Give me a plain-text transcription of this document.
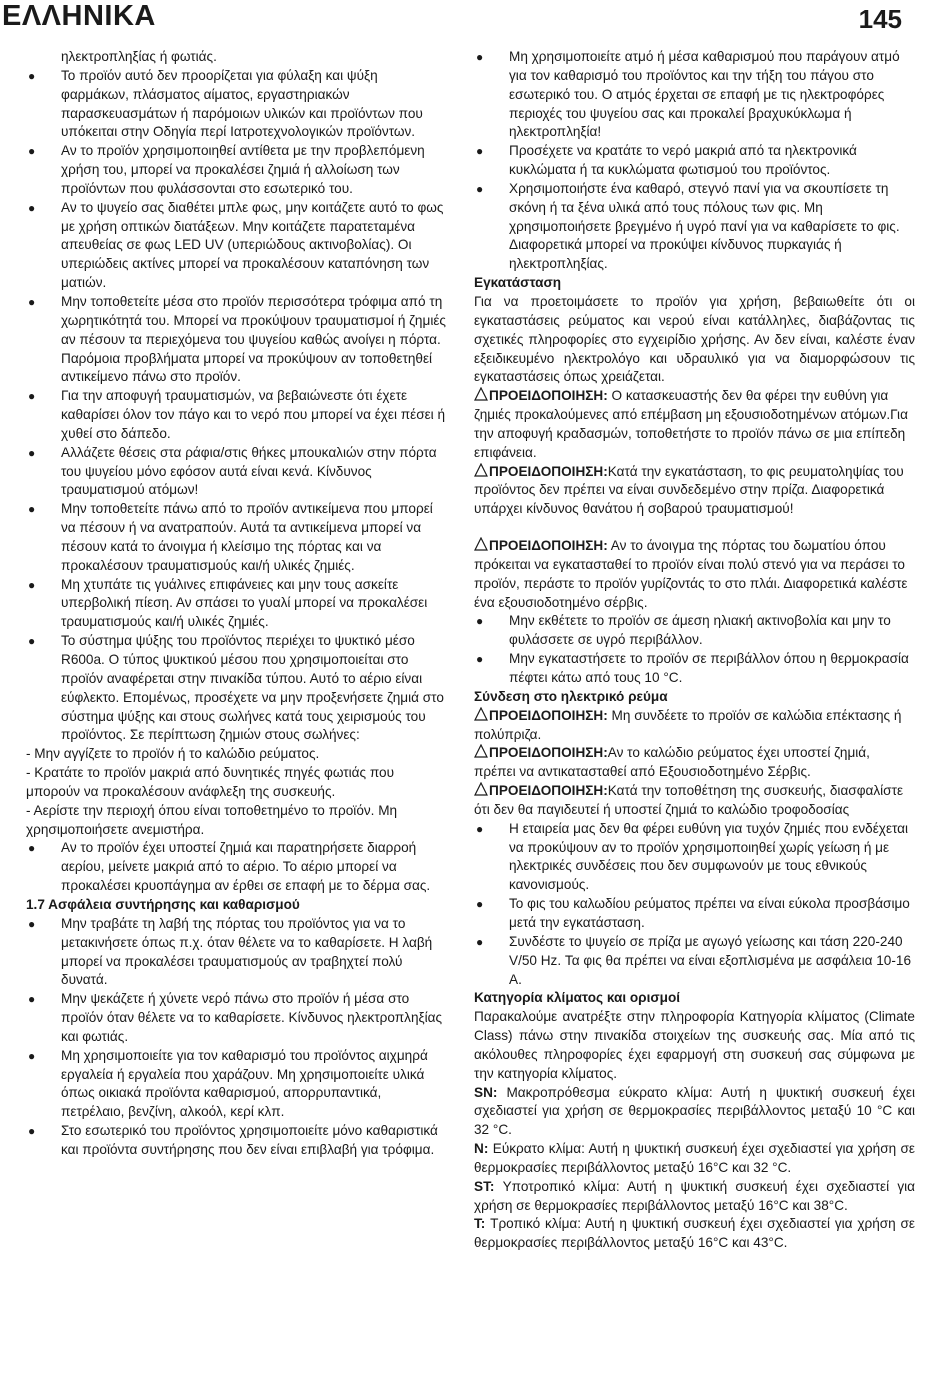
ΕΛΛΗΝΙΚΑ	145
ηλεκτροπληξίας ή φωτιάς.
● Το προϊόν αυτό δεν προορίζεται για φύλαξη και ψύξη φαρμάκων, πλάσματος αίματος, εργαστηριακών παρασκευασμάτων ή παρόμοιων υλικών και προϊόντων που υπόκειται στην Οδηγία περί Ιατροτεχνολογικών προϊόντων.
● Αν το προϊόν χρησιμοποιηθεί αντίθετα με την προβλεπόμενη χρήση του, μπορεί να προκαλέσει ζημιά ή αλλοίωση των προϊόντων που φυλάσσονται στο εσωτερικό του.
● Αν το ψυγείο σας διαθέτει μπλε φως, μην κοιτάζετε αυτό το φως με χρήση οπτικών διατάξεων. Μην κοιτάζετε παρατεταμένα απευθείας σε φως LED UV (υπεριώδους ακτινοβολίας). Οι υπεριώδεις ακτίνες μπορεί να προκαλέσουν καταπόνηση των ματιών.
● Μην τοποθετείτε μέσα στο προϊόν περισσότερα τρόφιμα από τη χωρητικότητά του. Μπορεί να προκύψουν τραυματισμοί ή ζημιές αν πέσουν τα περιεχόμενα του ψυγείου καθώς ανοίγει η πόρτα. Παρόμοια προβλήματα μπορεί να προκύψουν αν τοποθετηθεί αντικείμενο πάνω στο προϊόν.
● Για την αποφυγή τραυματισμών, να βεβαιώνεστε ότι έχετε καθαρίσει όλον τον πάγο και το νερό που μπορεί να έχει πέσει ή χυθεί στο δάπεδο.
● Αλλάζετε θέσεις στα ράφια/στις θήκες μπουκαλιών στην πόρτα του ψυγείου μόνο εφόσον αυτά είναι κενά. Κίνδυνος τραυματισμού ατόμων!
● Μην τοποθετείτε πάνω από το προϊόν αντικείμενα που μπορεί να πέσουν ή να ανατραπούν. Αυτά τα αντικείμενα μπορεί να πέσουν κατά το άνοιγμα ή κλείσιμο της πόρτας και να προκαλέσουν τραυματισμούς και/ή υλικές ζημιές.
● Μη χτυπάτε τις γυάλινες επιφάνειες και μην τους ασκείτε υπερβολική πίεση. Αν σπάσει το γυαλί μπορεί να προκαλέσει τραυματισμούς και/ή υλικές ζημιές.
● Το σύστημα ψύξης του προϊόντος περιέχει το ψυκτικό μέσο R600a. Ο τύπος ψυκτικού μέσου που χρησιμοποιείται στο προϊόν αναφέρεται στην πινακίδα τύπου. Αυτό το αέριο είναι εύφλεκτο. Επομένως, προσέχετε να μην προξενήσετε ζημιά στο σύστημα ψύξης και στους σωλήνες κατά τους χειρισμούς του προϊόντος. Σε περίπτωση ζημιών στους σωλήνες:
- Μην αγγίζετε το προϊόν ή το καλώδιο ρεύματος.
- Κρατάτε το προϊόν μακριά από δυνητικές πηγές φωτιάς που μπορούν να προκαλέσουν ανάφλεξη της συσκευής.
- Αερίστε την περιοχή όπου είναι τοποθετημένο το προϊόν. Μη χρησιμοποιήσετε ανεμιστήρα.
● Αν το προϊόν έχει υποστεί ζημιά και παρατηρήσετε διαρροή αερίου, μείνετε μακριά από το αέριο. Το αέριο μπορεί να προκαλέσει κρυοπάγημα αν έρθει σε επαφή με το δέρμα σας.
1.7 Ασφάλεια συντήρησης και καθαρισμού
● Μην τραβάτε τη λαβή της πόρτας του προϊόντος για να το μετακινήσετε όπως π.χ. όταν θέλετε να το καθαρίσετε. Η λαβή μπορεί να προκαλέσει τραυματισμούς αν τραβηχτεί πολύ δυνατά.
● Μην ψεκάζετε ή χύνετε νερό πάνω στο προϊόν ή μέσα στο προϊόν όταν θέλετε να το καθαρίσετε. Κίνδυνος ηλεκτροπληξίας και φωτιάς.
● Μη χρησιμοποιείτε για τον καθαρισμό του προϊόντος αιχμηρά εργαλεία ή εργαλεία που χαράζουν. Μη χρησιμοποιείτε υλικά όπως οικιακά προϊόντα καθαρισμού, απορρυπαντικά, πετρέλαιο, βενζίνη, αλκοόλ, κερί κλπ.
● Στο εσωτερικό του προϊόντος χρησιμοποιείτε μόνο καθαριστικά και προϊόντα συντήρησης που δεν είναι επιβλαβή για τρόφιμα.
● Μη χρησιμοποιείτε ατμό ή μέσα καθαρισμού που παράγουν ατμό για τον καθαρισμό του προϊόντος και την τήξη του πάγου στο εσωτερικό του. Ο ατμός έρχεται σε επαφή με τις ηλεκτροφόρες περιοχές του ψυγείου σας και προκαλεί βραχυκύκλωμα ή ηλεκτροπληξία!
● Προσέχετε να κρατάτε το νερό μακριά από τα ηλεκτρονικά κυκλώματα ή τα κυκλώματα φωτισμού του προϊόντος.
● Χρησιμοποιήστε ένα καθαρό, στεγνό πανί για να σκουπίσετε τη σκόνη ή τα ξένα υλικά από τους πόλους των φις. Μη χρησιμοποιήσετε βρεγμένο ή υγρό πανί για να καθαρίσετε το φις. Διαφορετικά μπορεί να προκύψει κίνδυνος πυρκαγιάς ή ηλεκτροπληξίας.
Εγκατάσταση
Για να προετοιμάσετε το προϊόν για χρήση, βεβαιωθείτε ότι οι εγκαταστάσεις ρεύματος και νερού είναι κατάλληλες, διαβάζοντας τις σχετικές πληροφορίες στο εγχειρίδιο χρήσης. Αν δεν είναι, καλέστε έναν εξειδικευμένο ηλεκτρολόγο και υδραυλικό για να διαμορφώσουν τις εγκαταστάσεις όπως χρειάζεται.
ΠΡΟΕΙΔΟΠΟΙΗΣΗ: Ο κατασκευαστής δεν θα φέρει την ευθύνη για ζημιές προκαλούμενες από επέμβαση μη εξουσιοδοτημένων ατόμων.Για την αποφυγή κραδασμών, τοποθετήστε το προϊόν πάνω σε μια επίπεδη επιφάνεια.
ΠΡΟΕΙΔΟΠΟΙΗΣΗ:Κατά την εγκατάσταση, το φις ρευματοληψίας του προϊόντος δεν πρέπει να είναι συνδεδεμένο στην πρίζα. Διαφορετικά υπάρχει κίνδυνος θανάτου ή σοβαρού τραυματισμού!
ΠΡΟΕΙΔΟΠΟΙΗΣΗ: Αν το άνοιγμα της πόρτας του δωματίου όπου πρόκειται να εγκατασταθεί το προϊόν είναι πολύ στενό για να περάσει το προϊόν, περάστε το προϊόν γυρίζοντάς το στο πλάι. Διαφορετικά καλέστε ένα εξουσιοδοτημένο σέρβις.
● Μην εκθέτετε το προϊόν σε άμεση ηλιακή ακτινοβολία και μην το φυλάσσετε σε υγρό περιβάλλον.
● Μην εγκαταστήσετε το προϊόν σε περιβάλλον όπου η θερμοκρασία πέφτει κάτω από τους 10 °C.
Σύνδεση στο ηλεκτρικό ρεύμα
ΠΡΟΕΙΔΟΠΟΙΗΣΗ: Μη συνδέετε το προϊόν σε καλώδια επέκτασης ή πολύπριζα.
ΠΡΟΕΙΔΟΠΟΙΗΣΗ:Αν το καλώδιο ρεύματος έχει υποστεί ζημιά, πρέπει να αντικατασταθεί από Εξουσιοδοτημένο Σέρβις.
ΠΡΟΕΙΔΟΠΟΙΗΣΗ:Κατά την τοποθέτηση της συσκευής, διασφαλίστε ότι δεν θα παγιδευτεί ή υποστεί ζημιά το καλώδιο τροφοδοσίας
● Η εταιρεία μας δεν θα φέρει ευθύνη για τυχόν ζημιές που ενδέχεται να προκύψουν αν το προϊόν χρησιμοποιηθεί χωρίς γείωση ή με ηλεκτρικές συνδέσεις που δεν συμφωνούν με τους εθνικούς κανονισμούς.
● Το φις του καλωδίου ρεύματος πρέπει να είναι εύκολα προσβάσιμο μετά την εγκατάσταση.
● Συνδέστε το ψυγείο σε πρίζα με αγωγό γείωσης και τάση 220-240 V/50 Hz. Τα φις θα πρέπει να είναι εξοπλισμένα με ασφάλεια 10-16 A.
Κατηγορία κλίματος και ορισμοί
Παρακαλούμε ανατρέξτε στην πληροφορία Κατηγορία κλίματος (Climate Class) πάνω στην πινακίδα στοιχείων της συσκευής σας. Μία από τις ακόλουθες πληροφορίες έχει εφαρμογή στη συσκευή σας σύμφωνα με την κατηγορία κλίματος.
SN: Μακροπρόθεσμα εύκρατο κλίμα: Αυτή η ψυκτική συσκευή έχει σχεδιαστεί για χρήση σε θερμοκρασίες περιβάλλοντος μεταξύ 10 °C και 32 °C.
N: Εύκρατο κλίμα: Αυτή η ψυκτική συσκευή έχει σχεδιαστεί για χρήση σε θερμοκρασίες περιβάλλοντος μεταξύ 16°C και 32 °C.
ST: Υποτροπικό κλίμα: Αυτή η ψυκτική συσκευή έχει σχεδιαστεί για χρήση σε θερμοκρασίες περιβάλλοντος μεταξύ 16°C και 38°C.
T: Τροπικό κλίμα: Αυτή η ψυκτική συσκευή έχει σχεδιαστεί για χρήση σε θερμοκρασίες περιβάλλοντος μεταξύ 16°C και 43°C.
